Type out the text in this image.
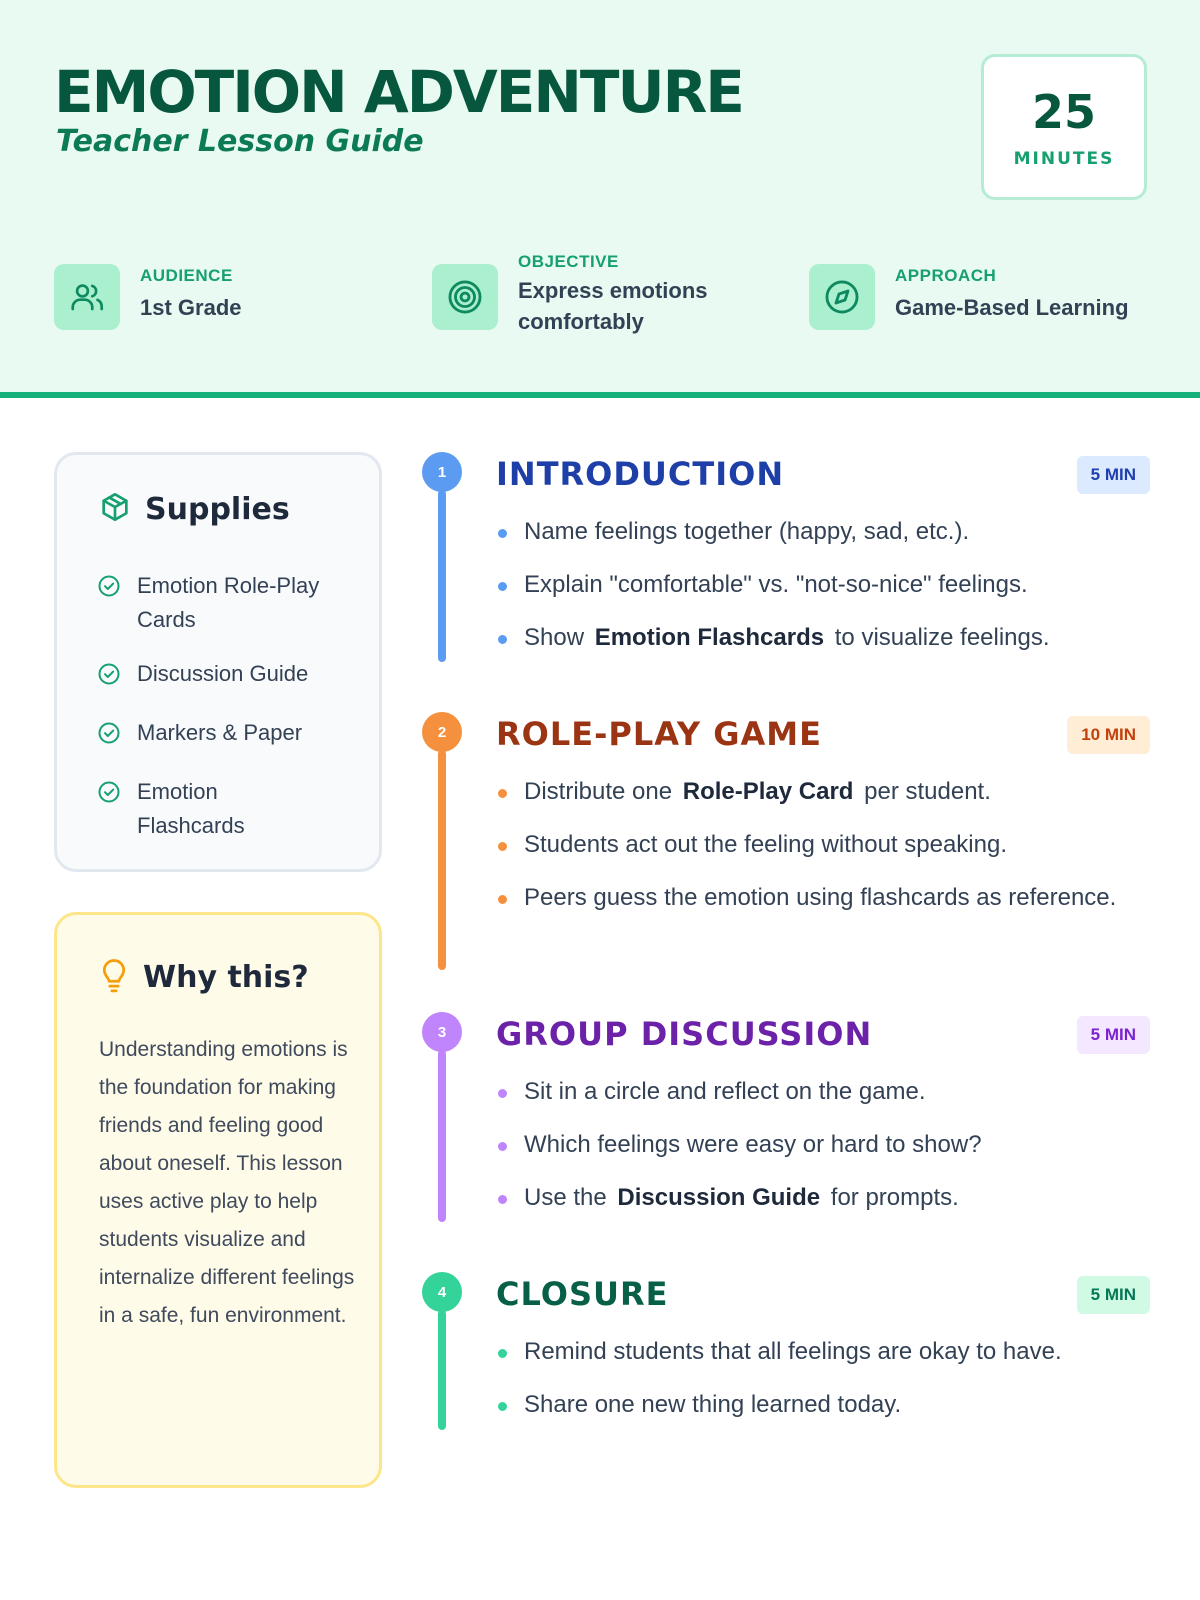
EMOTION ADVENTURE
Teacher Lesson Guide
25
MINUTES
AUDIENCE
1st Grade
OBJECTIVE
Express emotions comfortably
APPROACH
Game-Based Learning
Supplies
Emotion Role-Play Cards
Discussion Guide
Markers & Paper
Emotion Flashcards
Why this?

Understanding emotions is the foundation for making friends and feeling good about oneself. This lesson uses active play to help students visualize and internalize different feelings in a safe, fun environment.

1	INTRODUCTION	5 MIN
Name feelings together (happy, sad, etc.).
Explain "comfortable" vs. "not-so-nice" feelings.
Show Emotion Flashcards to visualize feelings.
2	ROLE-PLAY GAME	10 MIN
Distribute one Role-Play Card per student.
Students act out the feeling without speaking.
Peers guess the emotion using flashcards as reference.
3	GROUP DISCUSSION	5 MIN
Sit in a circle and reflect on the game.
Which feelings were easy or hard to show?
Use the Discussion Guide for prompts.
4	CLOSURE	5 MIN
Remind students that all feelings are okay to have.
Share one new thing learned today.
